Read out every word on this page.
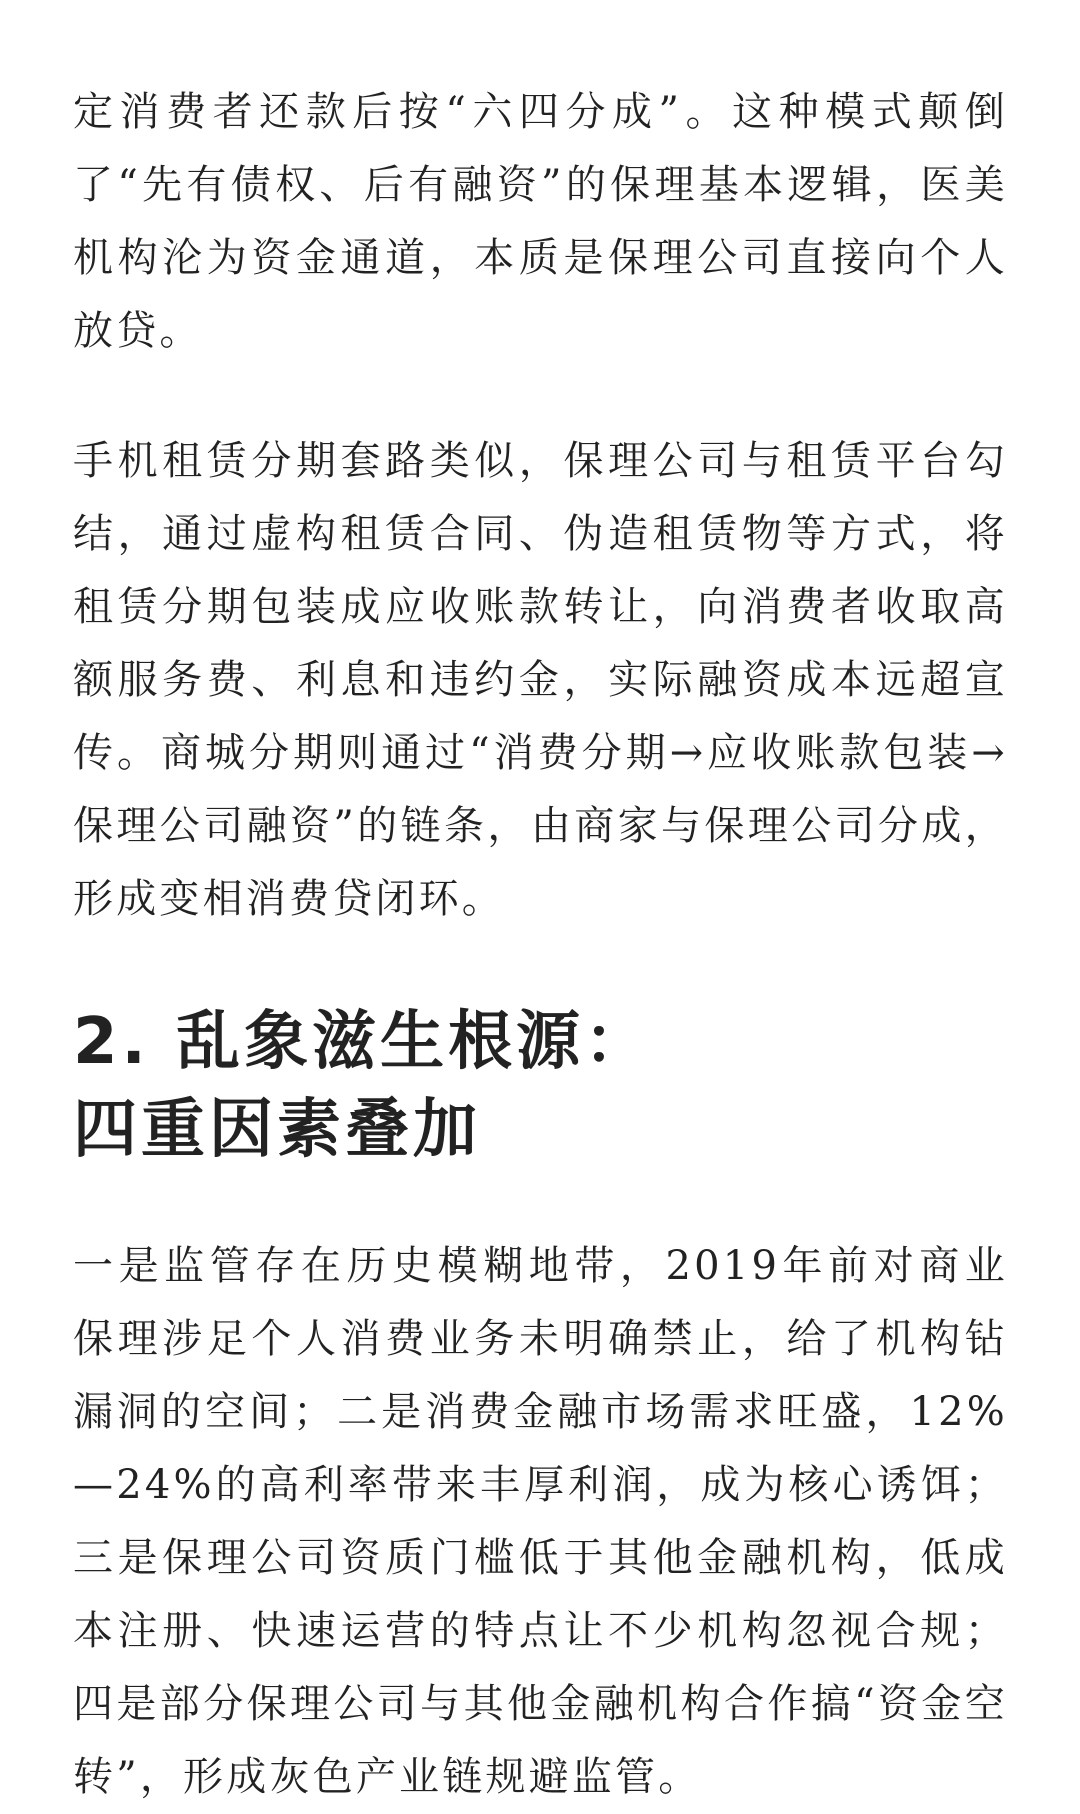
定消费者还款后按“六四分成”。这种模式颠倒了“先有债权、后有融资”的保理基本逻辑，医美机构沦为资金通道，本质是保理公司直接向个人放贷。

手机租赁分期套路类似，保理公司与租赁平台勾结，通过虚构租赁合同、伪造租赁物等方式，将租赁分期包装成应收账款转让，向消费者收取高额服务费、利息和违约金，实际融资成本远超宣传。商城分期则通过“消费分期→应收账款包装→保理公司融资”的链条，由商家与保理公司分成，形成变相消费贷闭环。

2. 乱象滋生根源：
四重因素叠加

一是监管存在历史模糊地带，2019年前对商业保理涉足个人消费业务未明确禁止，给了机构钻漏洞的空间；二是消费金融市场需求旺盛，12%—24%的高利率带来丰厚利润，成为核心诱饵；三是保理公司资质门槛低于其他金融机构，低成本注册、快速运营的特点让不少机构忽视合规；四是部分保理公司与其他金融机构合作搞“资金空转”，形成灰色产业链规避监管。
